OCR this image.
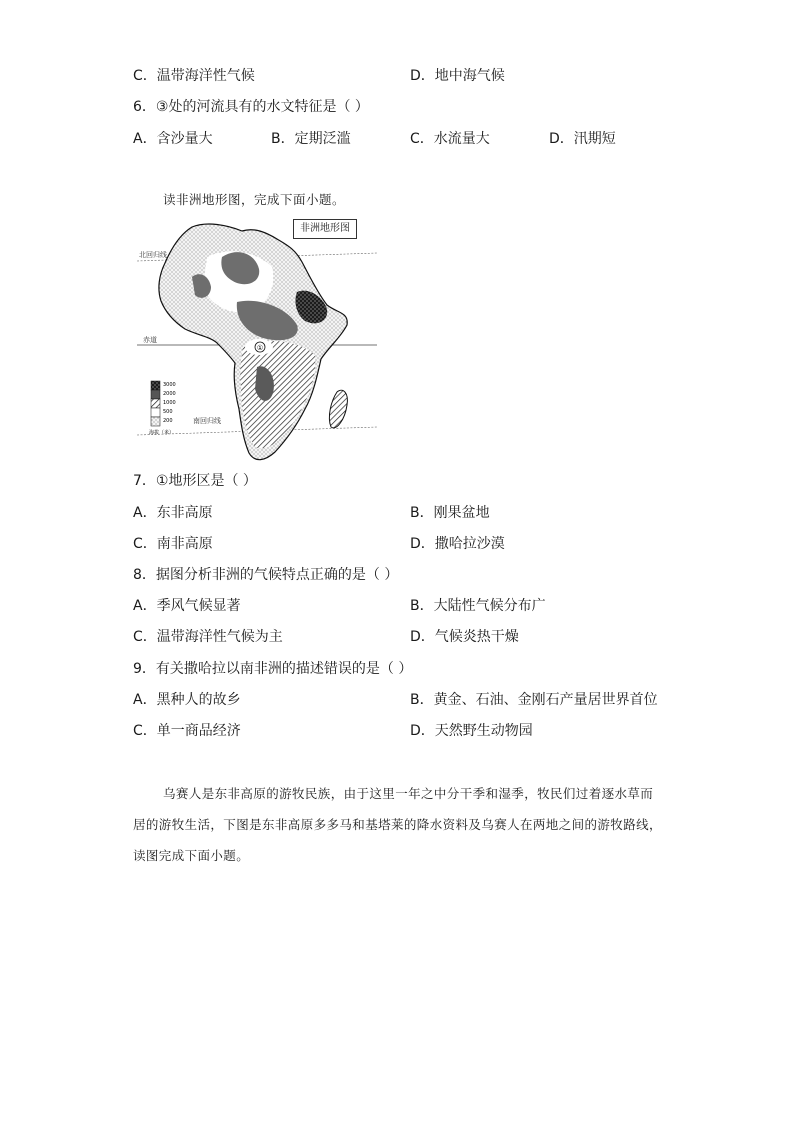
C．温带海洋性气候	D．地中海气候
6．③处的河流具有的水文特征是（ ）
A．含沙量大	B．定期泛滥	C．水流量大	D．汛期短
读非洲地形图，完成下面小题。
①
北回归线
赤道
南回归线
3000
2000
1000
500
200
海拔（米）
非洲地形图
7．①地形区是（ ）
A．东非高原	B．刚果盆地
C．南非高原	D．撒哈拉沙漠
8．据图分析非洲的气候特点正确的是（ ）
A．季风气候显著	B．大陆性气候分布广
C．温带海洋性气候为主	D．气候炎热干燥
9．有关撒哈拉以南非洲的描述错误的是（ ）
A．黑种人的故乡	B．黄金、石油、金刚石产量居世界首位
C．单一商品经济	D．天然野生动物园
乌赛人是东非高原的游牧民族，由于这里一年之中分干季和湿季，牧民们过着逐水草而居的游牧生活，下图是东非高原多多马和基塔莱的降水资料及乌赛人在两地之间的游牧路线，读图完成下面小题。
